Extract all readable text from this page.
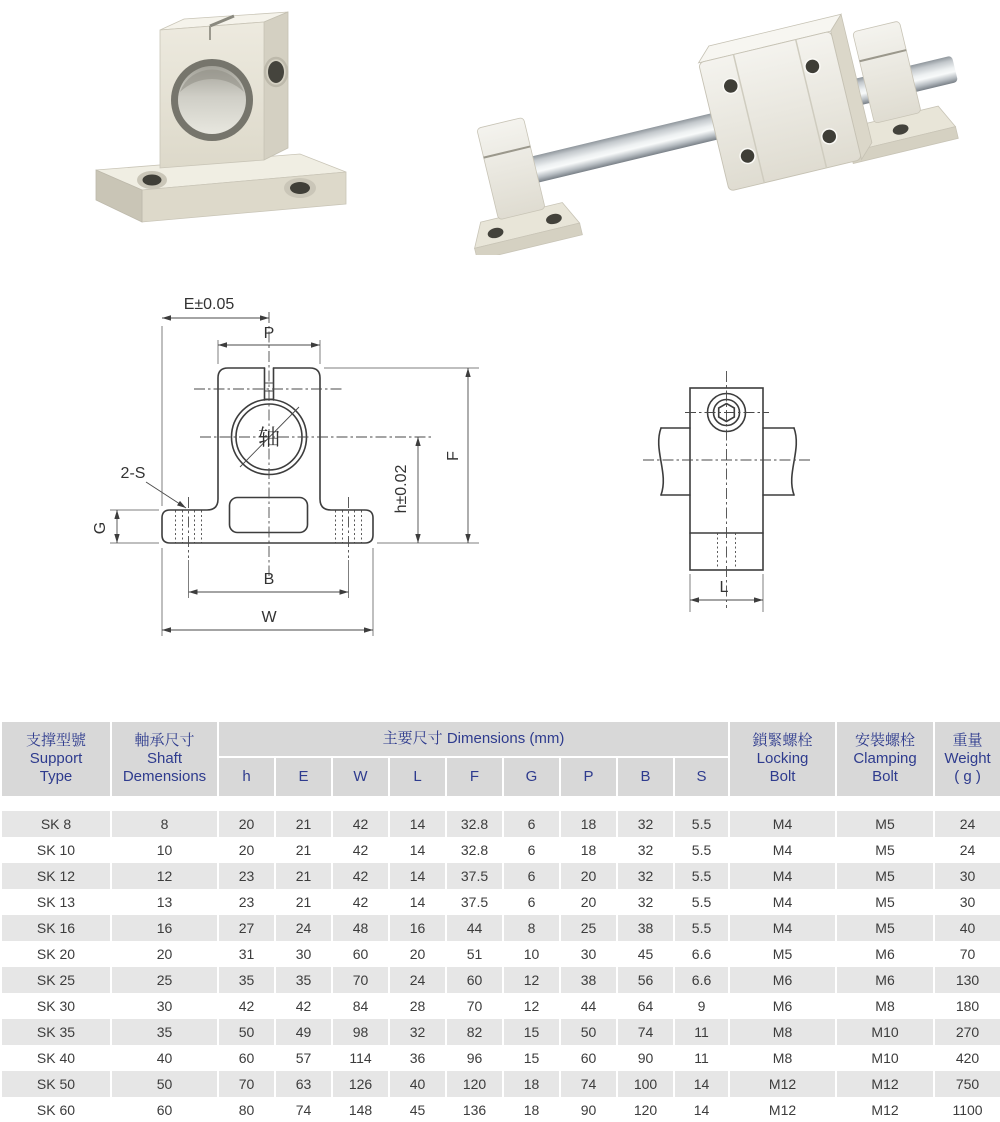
E±0.05
P
轴
F
h±0.02
B
W
G
2-S
L
支撑型號
Support
Type	軸承尺寸
Shaft
Demensions	主要尺寸 Dimensions (mm)									鎖緊螺栓
Locking
Bolt	安裝螺栓
Clamping
Bolt	重量
Weight
( g )

		h	E	W	L	F	G	P	B	S			
SK 8	8	20	21	42	14	32.8	6	18	32	5.5	M4	M5	24
SK 10	10	20	21	42	14	32.8	6	18	32	5.5	M4	M5	24
SK 12	12	23	21	42	14	37.5	6	20	32	5.5	M4	M5	30
SK 13	13	23	21	42	14	37.5	6	20	32	5.5	M4	M5	30
SK 16	16	27	24	48	16	44	8	25	38	5.5	M4	M5	40
SK 20	20	31	30	60	20	51	10	30	45	6.6	M5	M6	70
SK 25	25	35	35	70	24	60	12	38	56	6.6	M6	M6	130
SK 30	30	42	42	84	28	70	12	44	64	9	M6	M8	180
SK 35	35	50	49	98	32	82	15	50	74	11	M8	M10	270
SK 40	40	60	57	114	36	96	15	60	90	11	M8	M10	420
SK 50	50	70	63	126	40	120	18	74	100	14	M12	M12	750
SK 60	60	80	74	148	45	136	18	90	120	14	M12	M12	1100
